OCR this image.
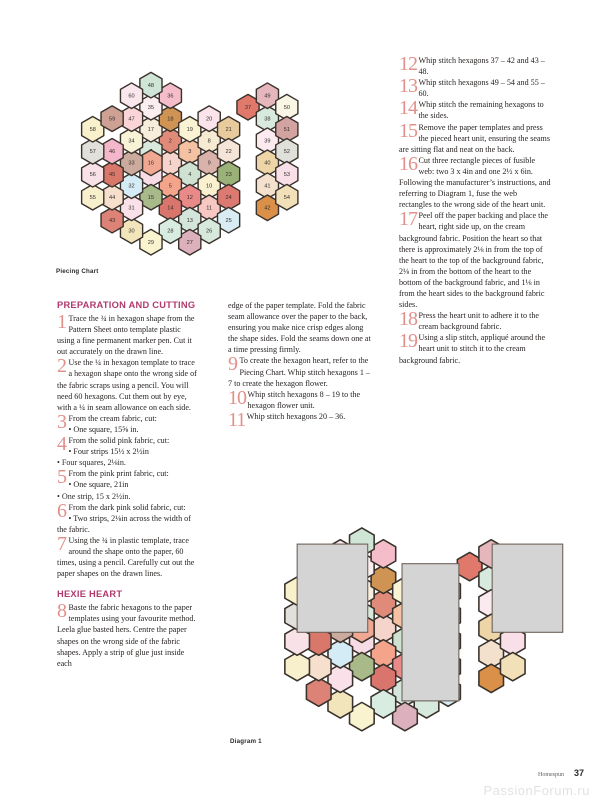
1
2
3
4
5
8
9
10
11
12
13
14
15
16
17
18
19
20
21
22
23
24
25
26
27
28
29
30
31
32
33
34
35
36
37
38
39
40
41
42
43
44
45
46
47
48
49
50
51
52
53
54
55
56
57
58
59
60
Piecing Chart
Diagram 1
PREPARATION AND CUTTING
1 Trace the ¾ in hexagon shape from the Pattern Sheet onto template plastic using a fine permanent marker pen. Cut it out accurately on the drawn line.
2 Use the ¼ in hexagon template to trace a hexagon shape onto the wrong side of the fabric scraps using a pencil. You will need 60 hexagons. Cut them out by eye, with a ¼ in seam allowance on each side.
3 From the cream fabric, cut:
• One square, 15⅝ in.
4 From the solid pink fabric, cut:
• Four strips 15½ x 2½in

• Four squares, 2⅛in.

5 From the pink print fabric, cut:
• One square, 21in

• One strip, 15 x 2½in.

6 From the dark pink solid fabric, cut:
• Two strips, 2⅛in across the width of the fabric.
7 Using the ¾ in plastic template, trace around the shape onto the paper, 60 times, using a pencil. Carefully cut out the paper shapes on the drawn lines.
HEXIE HEART
8 Baste the fabric hexagons to the paper templates using your favourite method. Leela glue basted hers. Centre the paper shapes on the wrong side of the fabric shapes. Apply a strip of glue just inside each

edge of the paper template. Fold the fabric seam allowance over the paper to the back, ensuring you make nice crisp edges along the shape sides. Fold the seams down one at a time pressing firmly.

9 To create the hexagon heart, refer to the Piecing Chart. Whip stitch hexagons 1 – 7 to create the hexagon flower.
10 Whip stitch hexagons 8 – 19 to the hexagon flower unit.
11 Whip stitch hexagons 20 – 36.
12 Whip stitch hexagons 37 – 42 and 43 – 48.
13 Whip stitch hexagons 49 – 54 and 55 – 60.
14 Whip stitch the remaining hexagons to the sides.
15 Remove the paper templates and press the pieced heart unit, ensuring the seams are sitting flat and neat on the back.
16 Cut three rectangle pieces of fusible web: two 3 x 4in and one 2½ x 6in. Following the manufacturer’s instructions, and referring to Diagram 1, fuse the web rectangles to the wrong side of the heart unit.
17 Peel off the paper backing and place the heart, right side up, on the cream background fabric. Position the heart so that there is approximately 2⅛ in from the top of the heart to the top of the background fabric, 2⅛ in from the bottom of the heart to the bottom of the background fabric, and 1⅛ in from the heart sides to the background fabric sides.
18 Press the heart unit to adhere it to the cream background fabric.
19 Using a slip stitch, appliqué around the heart unit to stitch it to the cream background fabric.
Homespun 37
PassionForum.ru
